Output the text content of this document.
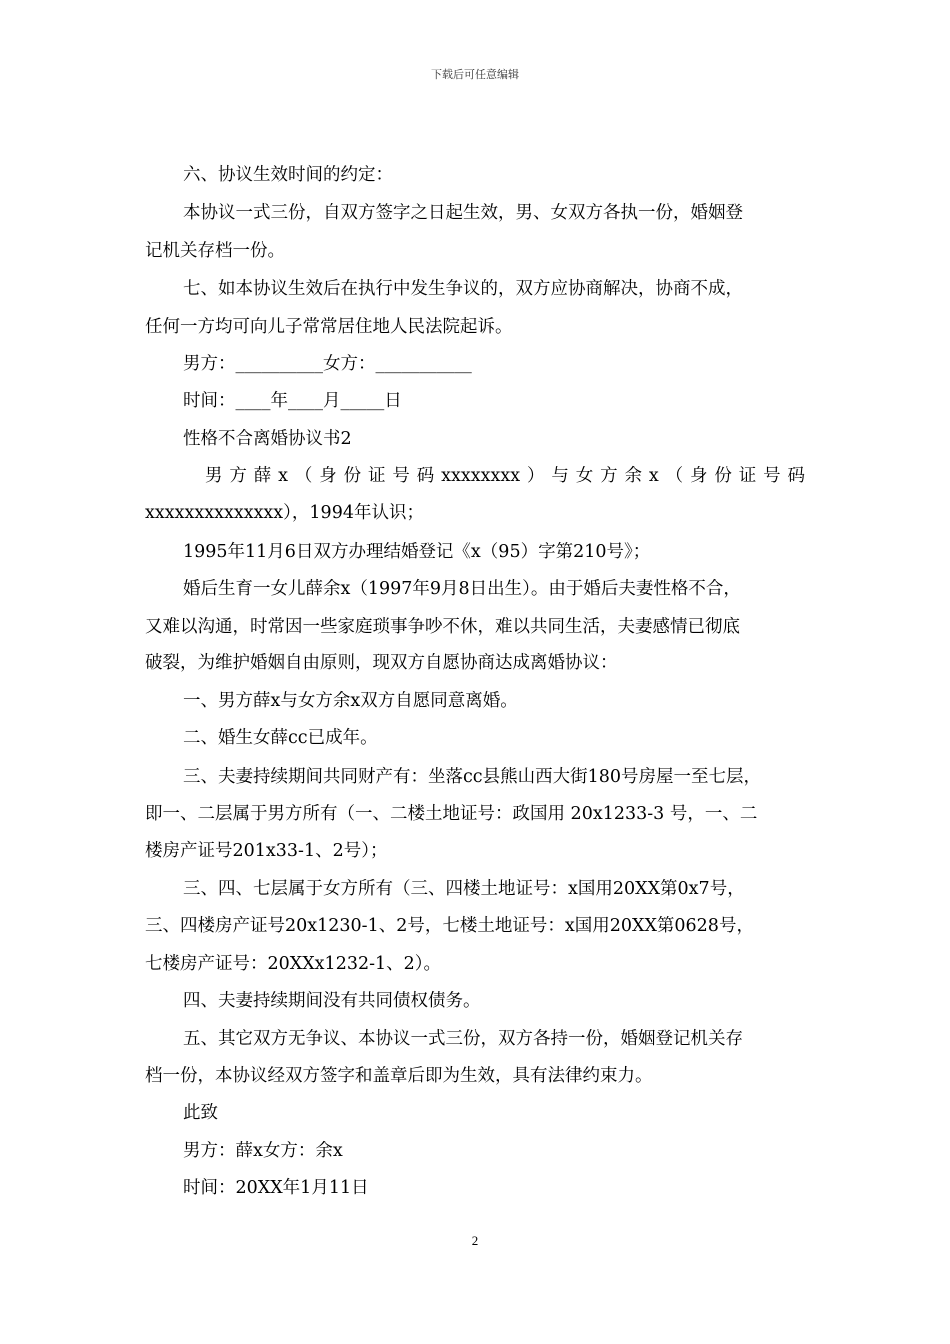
下载后可任意编辑

六、协议生效时间的约定：

本协议一式三份，自双方签字之日起生效，男、女双方各执一份，婚姻登

记机关存档一份。

七、如本协议生效后在执行中发生争议的，双方应协商解决，协商不成，

任何一方均可向儿子常常居住地人民法院起诉。

男方：__________女方：___________

时间：____年____月_____日

性格不合离婚协议书2

男 方 薛 x （ 身 份 证 号 码 xxxxxxxx ） 与 女 方 余 x （ 身 份 证 号 码

xxxxxxxxxxxxxx），1994年认识；

1995年11月6日双方办理结婚登记《x（95）字第210号》；

婚后生育一女儿薛余x（1997年9月8日出生）。由于婚后夫妻性格不合，

又难以沟通，时常因一些家庭琐事争吵不休，难以共同生活，夫妻感情已彻底

破裂，为维护婚姻自由原则，现双方自愿协商达成离婚协议：

一、男方薛x与女方余x双方自愿同意离婚。

二、婚生女薛cc已成年。

三、夫妻持续期间共同财产有：坐落cc县熊山西大街180号房屋一至七层，

即一、二层属于男方所有（一、二楼土地证号：政国用 20x1233-3 号，一、二

楼房产证号201x33-1、2号）；

三、四、七层属于女方所有（三、四楼土地证号：x国用20XX第0x7号，

三、四楼房产证号20x1230-1、2号，七楼土地证号：x国用20XX第0628号，

七楼房产证号：20XXx1232-1、2）。

四、夫妻持续期间没有共同债权债务。

五、其它双方无争议、本协议一式三份，双方各持一份，婚姻登记机关存

档一份，本协议经双方签字和盖章后即为生效，具有法律约束力。

此致

男方：薛x女方：余x

时间：20XX年1月11日

2
